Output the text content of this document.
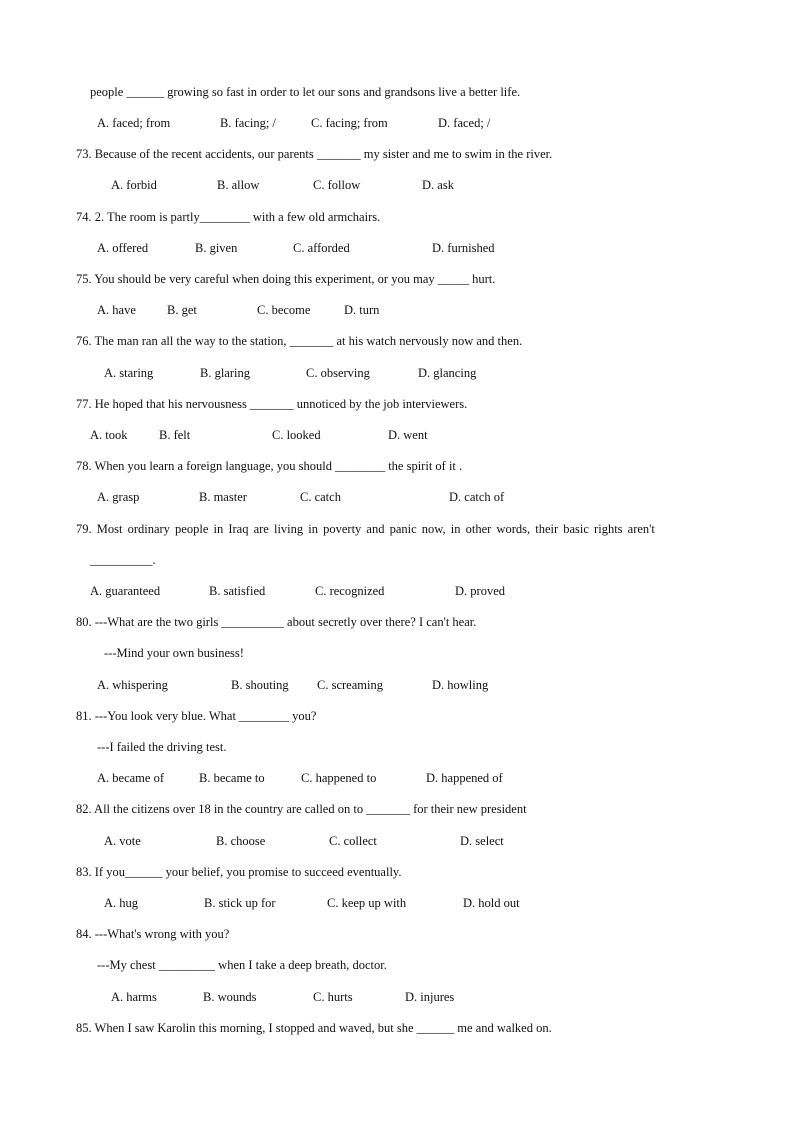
people ______ growing so fast in order to let our sons and grandsons live a better life.
A. faced; from	B. facing; /	C. facing; from	D. faced; /
73. Because of the recent accidents, our parents _______ my sister and me to swim in the river.
A. forbid	B. allow	C. follow	D. ask
74. 2. The room is partly________ with a few old armchairs.
A. offered	B. given	C. afforded	D. furnished
75. You should be very careful when doing this experiment, or you may _____ hurt.
A. have B. get	C. become	D. turn
76. The man ran all the way to the station, _______ at his watch nervously now and then.
A. staring	B. glaring	C. observing	D. glancing
77. He hoped that his nervousness _______ unnoticed by the job interviewers.
A. took	B. felt	C. looked	D. went
78. When you learn a foreign language, you should ________ the spirit of it .
A. grasp	B. master	C. catch	D. catch of
79. Most ordinary people in Iraq are living in poverty and panic now, in other words, their basic rights aren't
__________.
A. guaranteed	B. satisfied	C. recognized	D. proved
80. ---What are the two girls __________ about secretly over there? I can't hear.
---Mind your own business!
A. whispering	B. shouting C. screaming	D. howling
81. ---You look very blue. What ________ you?
---I failed the driving test.
A. became of	B. became to	C. happened to	D. happened of
82. All the citizens over 18 in the country are called on to _______ for their new president
A. vote	B. choose	C. collect	D. select
83. If you______ your belief, you promise to succeed eventually.
A. hug	B. stick up for	C. keep up with	D. hold out
84. ---What's wrong with you?
---My chest _________ when I take a deep breath, doctor.
A. harms	B. wounds	C. hurts	D. injures
85. When I saw Karolin this morning, I stopped and waved, but she ______ me and walked on.
